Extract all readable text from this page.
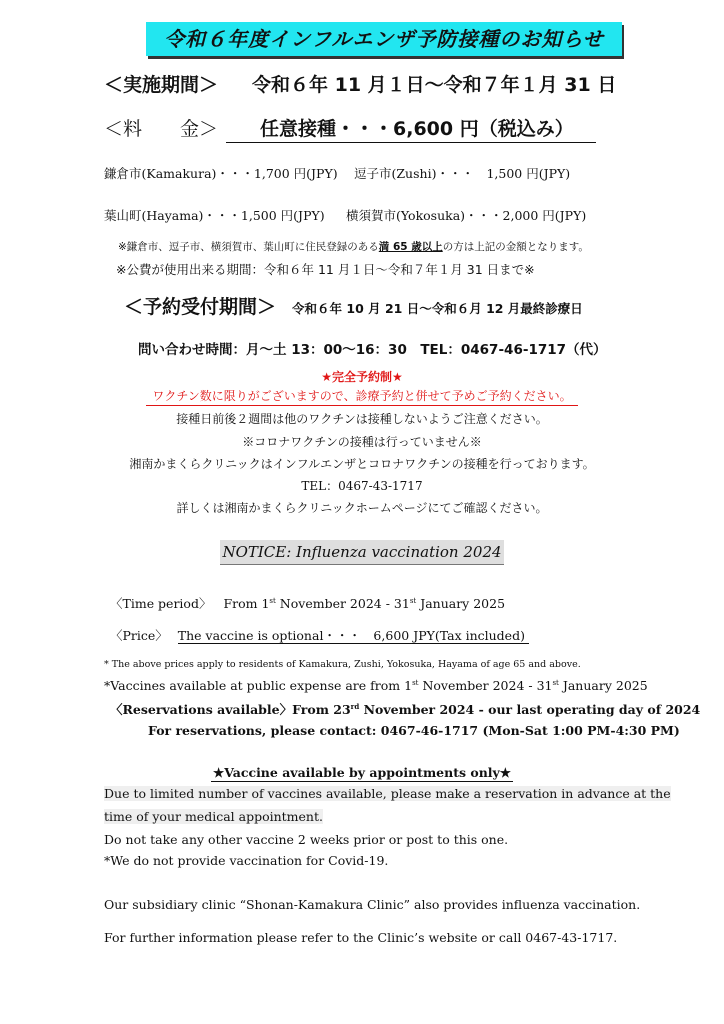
令和６年度インフルエンザ予防接種のお知らせ
＜実施期間＞ 令和６年 11 月１日〜令和７年１月 31 日
＜料　　金＞ 任意接種・・・6,600 円（税込み）
鎌倉市(Kamakura)・・・1,700 円(JPY) 逗子市(Zushi)・・・　1,500 円(JPY)
葉山町(Hayama)・・・1,500 円(JPY) 横須賀市(Yokosuka)・・・2,000 円(JPY)
※鎌倉市、逗子市、横須賀市、葉山町に住民登録のある満 65 歳以上の方は上記の金額となります。
※公費が使用出来る期間：令和６年 11 月１日〜令和７年１月 31 日まで※
＜予約受付期間＞ 令和６年 10 月 21 日〜令和６月 12 月最終診療日
問い合わせ時間：月〜土 13：00〜16：30　TEL：0467-46-1717（代）
★完全予約制★
ワクチン数に限りがございますので、診療予約と併せて予めご予約ください。
接種日前後２週間は他のワクチンは接種しないようご注意ください。
※コロナワクチンの接種は行っていません※
湘南かまくらクリニックはインフルエンザとコロナワクチンの接種を行っております。
TEL：0467-43-1717
詳しくは湘南かまくらクリニックホームページにてご確認ください。
NOTICE: Influenza vaccination 2024
〈Time period〉 From 1st November 2024 - 31st January 2025
〈Price〉 The vaccine is optional・・・　6,600 JPY(Tax included)
* The above prices apply to residents of Kamakura, Zushi, Yokosuka, Hayama of age 65 and above.
*Vaccines available at public expense are from 1st November 2024 - 31st January 2025
〈Reservations available〉From 23rd November 2024 - our last operating day of 2024
For reservations, please contact: 0467-46-1717 (Mon-Sat 1:00 PM-4:30 PM)
★Vaccine available by appointments only★
Due to limited number of vaccines available, please make a reservation in advance at the
time of your medical appointment.
Do not take any other vaccine 2 weeks prior or post to this one.
*We do not provide vaccination for Covid-19.
Our subsidiary clinic “Shonan-Kamakura Clinic” also provides influenza vaccination.
For further information please refer to the Clinic’s website or call 0467-43-1717.
